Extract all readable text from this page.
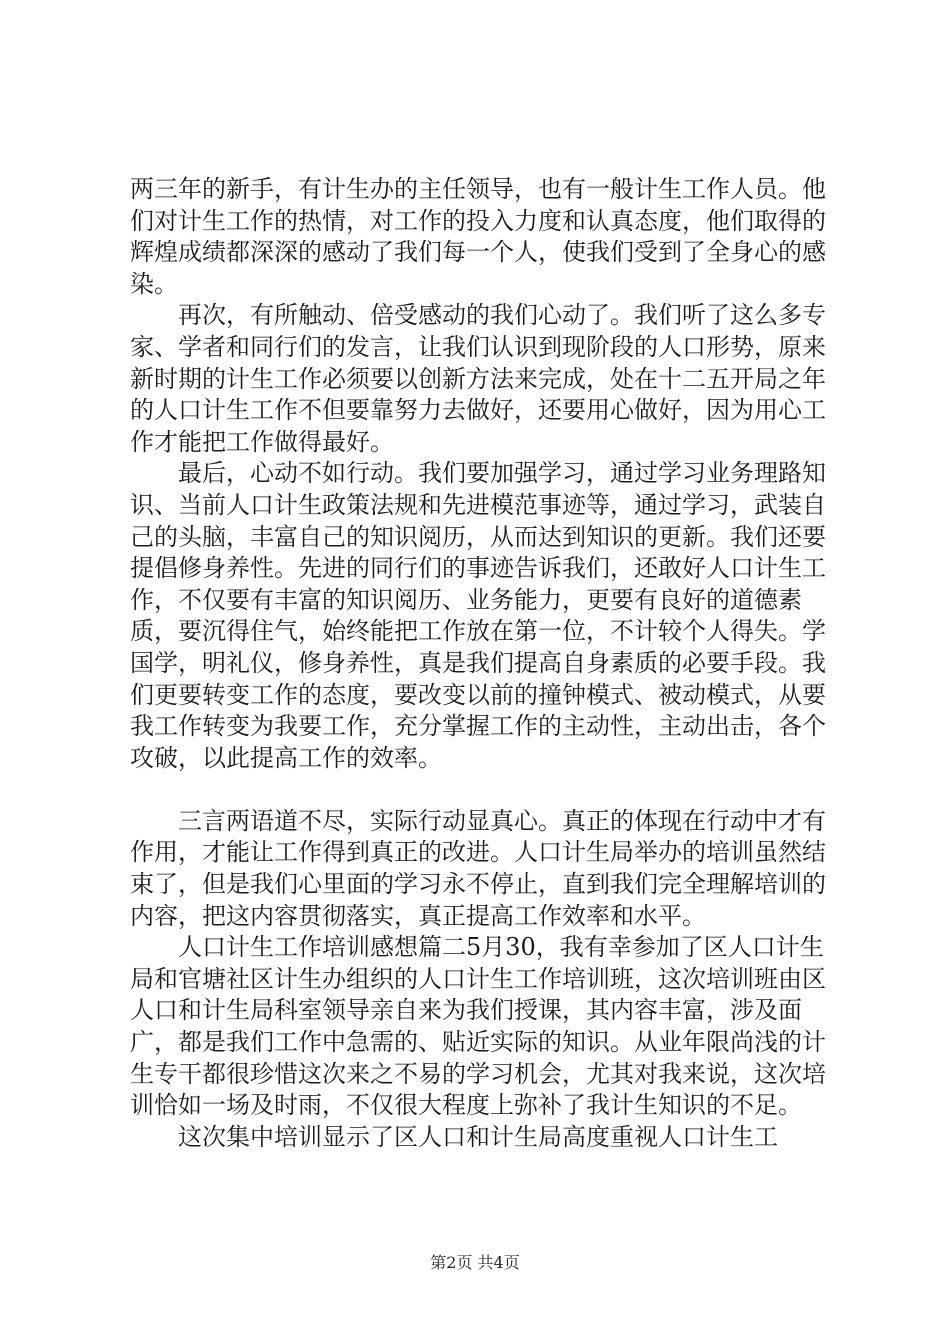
两三年的新手，有计生办的主任领导，也有一般计生工作人员。他们对计生工作的热情，对工作的投入力度和认真态度，他们取得的辉煌成绩都深深的感动了我们每一个人，使我们受到了全身心的感染。

再次，有所触动、倍受感动的我们心动了。我们听了这么多专家、学者和同行们的发言，让我们认识到现阶段的人口形势，原来新时期的计生工作必须要以创新方法来完成，处在十二五开局之年的人口计生工作不但要靠努力去做好，还要用心做好，因为用心工作才能把工作做得最好。

最后，心动不如行动。我们要加强学习，通过学习业务理路知识、当前人口计生政策法规和先进模范事迹等，通过学习，武装自己的头脑，丰富自己的知识阅历，从而达到知识的更新。我们还要提倡修身养性。先进的同行们的事迹告诉我们，还敢好人口计生工作，不仅要有丰富的知识阅历、业务能力，更要有良好的道德素质，要沉得住气，始终能把工作放在第一位，不计较个人得失。学国学，明礼仪，修身养性，真是我们提高自身素质的必要手段。我们更要转变工作的态度，要改变以前的撞钟模式、被动模式，从要我工作转变为我要工作，充分掌握工作的主动性，主动出击，各个攻破，以此提高工作的效率。

三言两语道不尽，实际行动显真心。真正的体现在行动中才有作用，才能让工作得到真正的改进。人口计生局举办的培训虽然结束了，但是我们心里面的学习永不停止，直到我们完全理解培训的内容，把这内容贯彻落实，真正提高工作效率和水平。

人口计生工作培训感想篇二5月30，我有幸参加了区人口计生局和官塘社区计生办组织的人口计生工作培训班，这次培训班由区人口和计生局科室领导亲自来为我们授课，其内容丰富，涉及面广，都是我们工作中急需的、贴近实际的知识。从业年限尚浅的计生专干都很珍惜这次来之不易的学习机会，尤其对我来说，这次培训恰如一场及时雨，不仅很大程度上弥补了我计生知识的不足。

这次集中培训显示了区人口和计生局高度重视人口计生工

第2页 共4页
